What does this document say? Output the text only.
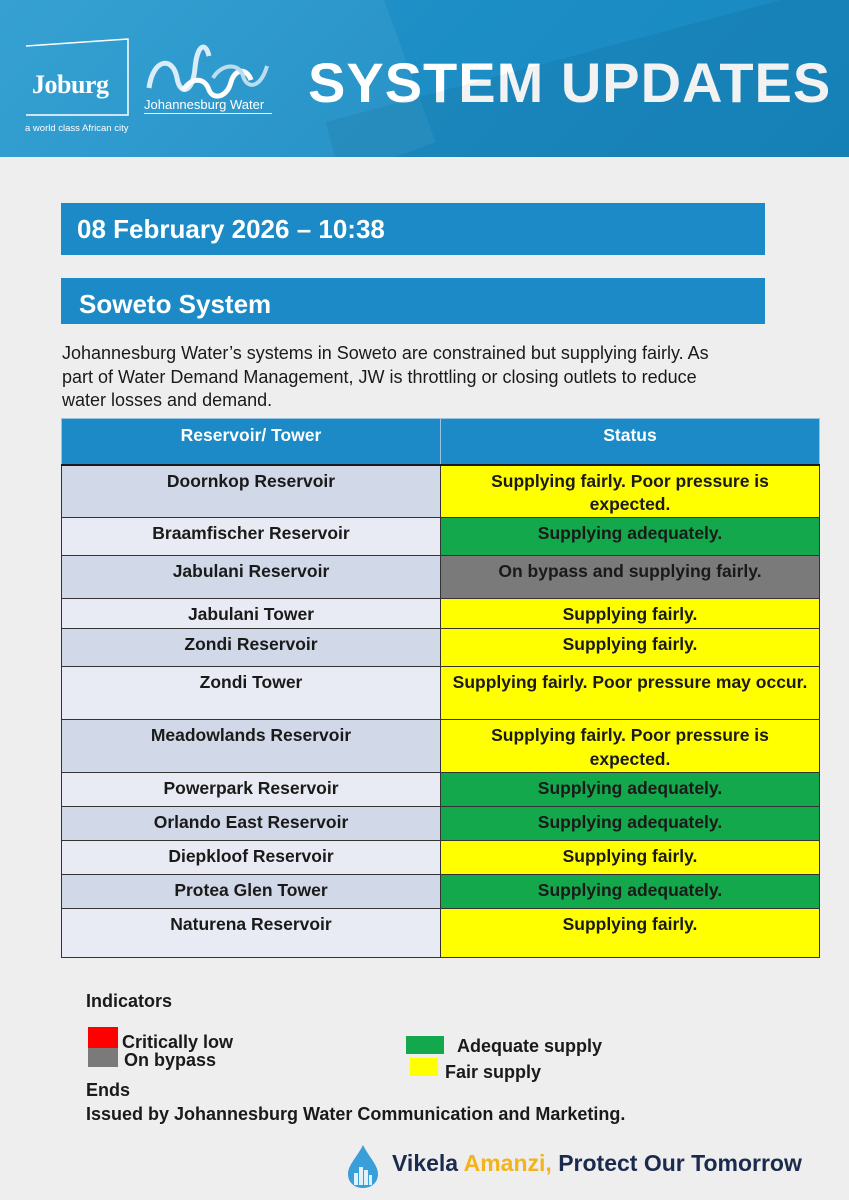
Joburg
a world class African city
Johannesburg Water SYSTEM UPDATES
08 February 2026 – 10:38
Soweto System
Johannesburg Water’s systems in Soweto are constrained but supplying fairly. As part of Water Demand Management, JW is throttling or closing outlets to reduce water losses and demand.
Reservoir/ Tower	Status
Doornkop Reservoir	Supplying fairly. Poor pressure is expected.
Braamfischer Reservoir	Supplying adequately.
Jabulani Reservoir	On bypass and supplying fairly.
Jabulani Tower	Supplying fairly.
Zondi Reservoir	Supplying fairly.
Zondi Tower	Supplying fairly. Poor pressure may occur.
Meadowlands Reservoir	Supplying fairly. Poor pressure is expected.
Powerpark Reservoir	Supplying adequately.
Orlando East Reservoir	Supplying adequately.
Diepkloof Reservoir	Supplying fairly.
Protea Glen Tower	Supplying adequately.
Naturena Reservoir	Supplying fairly.
Indicators
Critically low
On bypass
Adequate supply
Fair supply
Ends
Issued by Johannesburg Water Communication and Marketing.
Vikela Amanzi, Protect Our Tomorrow
